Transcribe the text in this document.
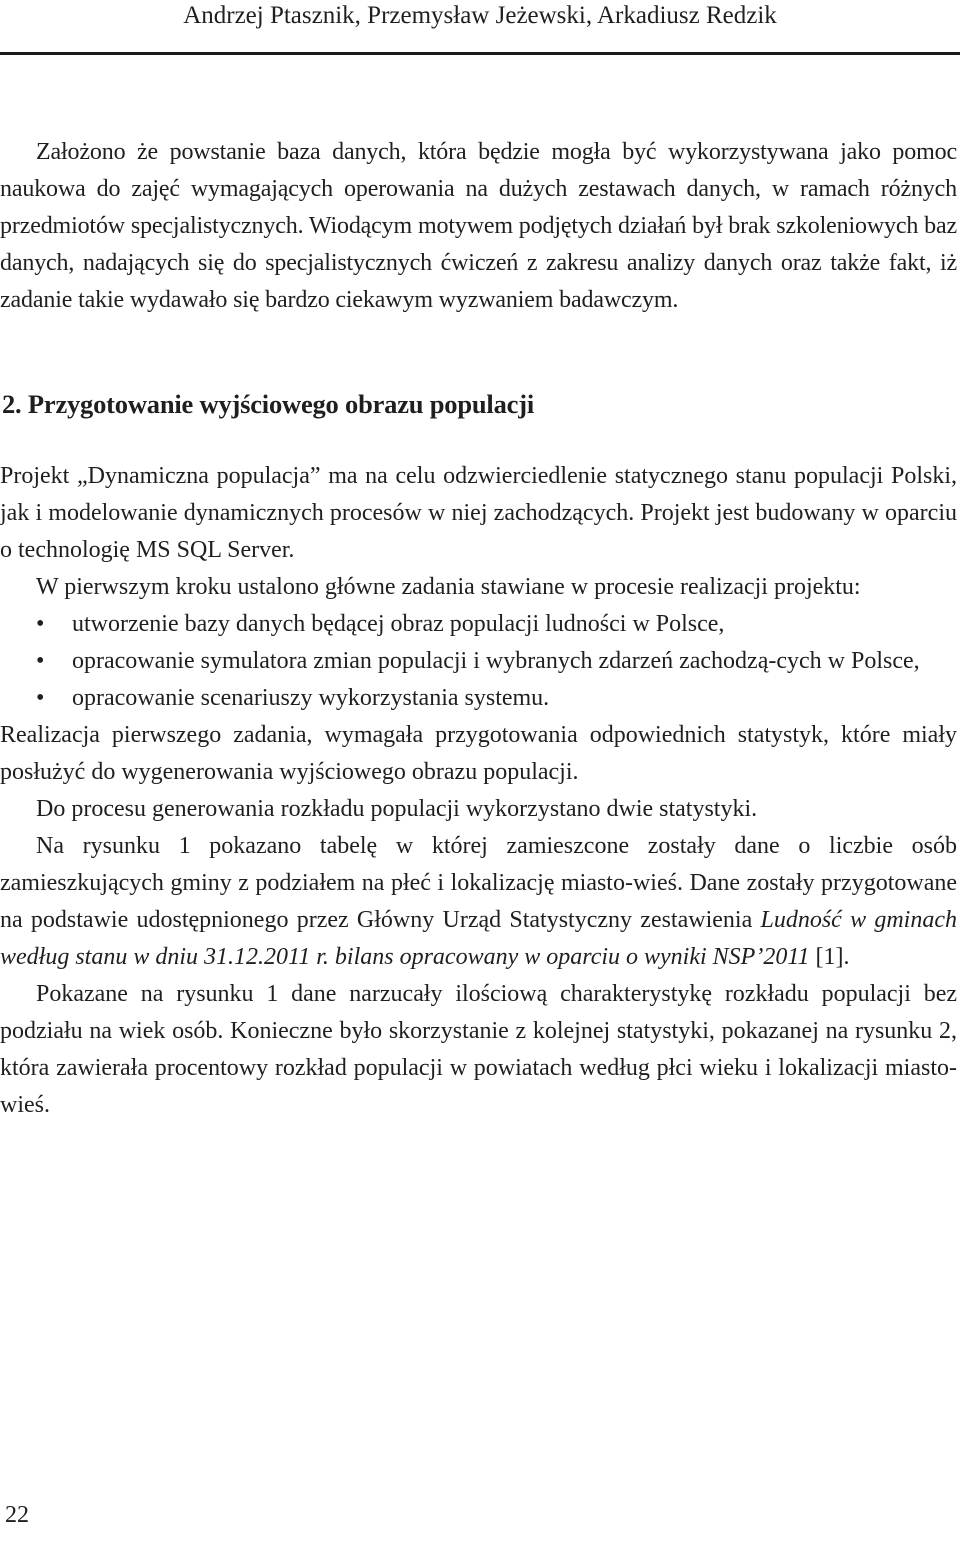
Andrzej Ptasznik, Przemysław Jeżewski, Arkadiusz Redzik

Założono że powstanie baza danych, która będzie mogła być wykorzystywana jako pomoc naukowa do zajęć wymagających operowania na dużych zestawach danych, w ramach różnych przedmiotów specjalistycznych. Wiodącym motywem podjętych działań był brak szkoleniowych baz danych, nadających się do specjalistycznych ćwiczeń z zakresu analizy danych oraz także fakt, iż zadanie takie wydawało się bardzo ciekawym wyzwaniem badawczym.

2. Przygotowanie wyjściowego obrazu populacji

Projekt „Dynamiczna populacja” ma na celu odzwierciedlenie statycznego stanu populacji Polski, jak i modelowanie dynamicznych procesów w niej zachodzących. Projekt jest budowany w oparciu o technologię MS SQL Server.

W pierwszym kroku ustalono główne zadania stawiane w procesie realizacji projektu:

• utworzenie bazy danych będącej obraz populacji ludności w Polsce,
• opracowanie symulatora zmian populacji i wybranych zdarzeń zachodzą-cych w Polsce,
• opracowanie scenariuszy wykorzystania systemu.

Realizacja pierwszego zadania, wymagała przygotowania odpowiednich statystyk, które miały posłużyć do wygenerowania wyjściowego obrazu populacji.

Do procesu generowania rozkładu populacji wykorzystano dwie statystyki.

Na rysunku 1 pokazano tabelę w której zamieszcone zostały dane o liczbie osób zamieszkujących gminy z podziałem na płeć i lokalizację miasto-wieś. Dane zostały przygotowane na podstawie udostępnionego przez Główny Urząd Statystyczny zestawienia Ludność w gminach według stanu w dniu 31.12.2011 r. bilans opracowany w oparciu o wyniki NSP’2011 [1].

Pokazane na rysunku 1 dane narzucały ilościową charakterystykę rozkładu populacji bez podziału na wiek osób. Konieczne było skorzystanie z kolejnej statystyki, pokazanej na rysunku 2, która zawierała procentowy rozkład populacji w powiatach według płci wieku i lokalizacji miasto-wieś.

22
